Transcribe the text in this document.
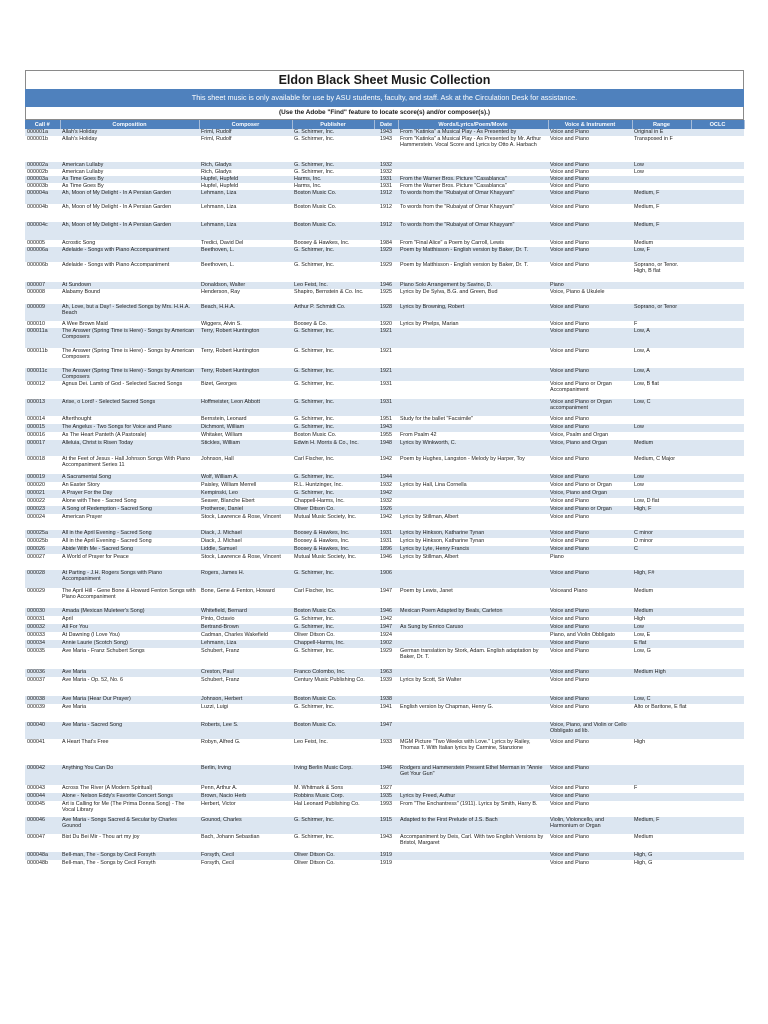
Eldon Black Sheet Music Collection
This sheet music is only available for use by ASU students, faculty, and staff. Ask at the Circulation Desk for assistance.
(Use the Adobe "Find" feature to locate score(s) and/or composer(s).)
Call #	Composition	Composer	Publisher	Date	Words/Lyrics/Poem/Movie	Voice & Instrument	Range	OCLC
000001a	Allah's Holiday	Friml, Rudolf	G. Schirmer, Inc.	1943	From "Katinka" a Musical Play - As Presented by	Voice and Piano	Original in E	
000001b	Allah's Holiday	Friml, Rudolf	G. Schirmer, Inc.	1943	From "Katinka" a Musical Play - As Presented by Mr. Arthur Hammerstein. Vocal Score and Lyrics by Otto A. Harbach	Voice and Piano	Transposed in F	
000002a	American Lullaby	Rich, Gladys	G. Schirmer, Inc.	1932		Voice and Piano	Low	
000002b	American Lullaby	Rich, Gladys	G. Schirmer, Inc.	1932		Voice and Piano	Low	
000003a	As Time Goes By	Hupfel, Hupfeld	Harms, Inc.	1931	From the Warner Bros. Picture "Casablanca"	Voice and Piano		
000003b	As Time Goes By	Hupfel, Hupfeld	Harms, Inc.	1931	From the Warner Bros. Picture "Casablanca"	Voice and Piano		
000004a	Ah, Moon of My Delight - In A Persian Garden	Lehmann, Liza	Boston Music Co.	1912	To words from the "Rubaiyat of Omar Khayyam"	Voice and Piano	Medium, F	
000004b	Ah, Moon of My Delight - In A Persian Garden	Lehmann, Liza	Boston Music Co.	1912	To words from the "Rubaiyat of Omar Khayyam"	Voice and Piano	Medium, F	
000004c	Ah, Moon of My Delight - In A Persian Garden	Lehmann, Liza	Boston Music Co.	1912	To words from the "Rubaiyat of Omar Khayyam"	Voice and Piano	Medium, F	
000005	Acrostic Song	Tredici, David Del	Boosey & Hawkes, Inc.	1984	From "Final Alice" a Poem by Carroll, Lewis	Voice and Piano	Medium	
000006a	Adelaide - Songs with Piano Accompaniment	Beethoven, L.	G. Schirmer, Inc.	1929	Poem by Matthisson - English version by Baker, Dr. T.	Voice and Piano	Low, F	
000006b	Adelaide - Songs with Piano Accompaniment	Beethoven, L.	G. Schirmer, Inc.	1929	Poem by Matthisson - English version by Baker, Dr. T.	Voice and Piano	Soprano, or Tenor. High, B flat	
000007	At Sundown	Donaldson, Walter	Leo Feist, Inc.	1946	Piano Solo Arrangement by Savino, D.	Piano		
000008	Alabamy Bound	Henderson, Ray	Shapiro, Bernstein & Co. Inc.	1925	Lyrics by De Sylva, B.G. and Green, Bud	Voice, Piano & Ukulele		
000009	Ah, Love, but a Day! - Selected Songs by Mrs. H.H.A. Beach	Beach, H.H.A.	Arthur P. Schmidt Co.	1928	Lyrics by Browning, Robert	Voice and Piano	Soprano, or Tenor	
000010	A Wee Brown Maid	Wiggers, Alvin S.	Boosey & Co.	1920	Lyrics by Phelps, Marian	Voice and Piano	F	
000011a	The Answer (Spring Time is Here) - Songs by American Composers	Terry, Robert Huntington	G. Schirmer, Inc.	1921		Voice and Piano	Low, A	
000011b	The Answer (Spring Time is Here) - Songs by American Composers	Terry, Robert Huntington	G. Schirmer, Inc.	1921		Voice and Piano	Low, A	
000011c	The Answer (Spring Time is Here) - Songs by American Composers	Terry, Robert Huntington	G. Schirmer, Inc.	1921		Voice and Piano	Low, A	
000012	Agnus Dei. Lamb of God - Selected Sacred Songs	Bizet, Georges	G. Schirmer, Inc.	1931		Voice and Piano or Organ Accompaniment	Low, B flat	
000013	Arise, o Lord! - Selected Sacred Songs	Hoffmeister, Leon Abbott	G. Schirmer, Inc.	1931		Voice and Piano or Organ accompaniment	Low, C	
000014	Afterthought	Bernstein, Leonard	G. Schirmer, Inc.	1951	Study for the ballet "Facsimile"	Voice and Piano		
000015	The Angelus - Two Songs for Voice and Piano	Dichmont, William	G. Schirmer, Inc.	1943		Voice and Piano	Low	
000016	As The Heart Panteth (A Pastorale)	Whitaker, William	Boston Music Co.	1955	From Psalm 42	Voice, Psalm and Organ		
000017	Alleluia, Christ is Risen Today	Stickles, William	Edwin H. Morris & Co., Inc.	1948	Lyrics by Winkworth, C.	Voice, Piano and Organ	Medium	
000018	At the Feet of Jesus - Hall Johnson Songs With Piano Accompaniment Series 11	Johnson, Hall	Carl Fischer, Inc.	1942	Poem by Hughes, Langston - Melody by Harper, Toy	Voice and Piano	Medium, C Major	
000019	A Sacramental Song	Wolf, William A.	G. Schirmer, Inc.	1944		Voice and Piano	Low	
000020	An Easter Story	Paisley, William Merrell	R.L. Huntzinger, Inc.	1932	Lyrics by Hall, Lina Cornella	Voice and Piano or Organ	Low	
000021	A Prayer For the Day	Kempinski, Leo	G. Schirmer, Inc.	1942		Voice, Piano and Organ		
000022	Alone with Thee - Sacred Song	Seaver, Blanche Ebert	Chappell-Harms, Inc.	1932		Voice and Piano	Low, D flat	
000023	A Song of Redemption - Sacred Song	Protheroe, Daniel	Oliver Ditson Co.	1926		Voice and Piano or Organ	High, F	
000024	American Prayer	Stock, Lawrence & Rose, Vincent	Mutual Music Society, Inc.	1942	Lyrics by Stillman, Albert	Voice and Piano		
000025a	All in the April Evening - Sacred Song	Diack, J. Michael	Boosey & Hawkes, Inc.	1931	Lyrics by Hinkson, Katharine Tynan	Voice and Piano	C minor	
000025b	All in the April Evening - Sacred Song	Diack, J. Michael	Boosey & Hawkes, Inc.	1931	Lyrics by Hinkson, Katharine Tynan	Voice and Piano	D minor	
000026	Abide With Me - Sacred Song	Liddle, Samuel	Boosey & Hawkes, Inc.	1896	Lyrics by Lyte, Henry Francis	Voice and Piano	C	
000027	A World of Prayer for Peace	Stock, Lawrence & Rose, Vincent	Mutual Music Society, Inc.	1946	Lyrics by Stillman, Albert	Piano		
000028	At Parting - J.H. Rogers Songs with Piano Accompaniment	Rogers, James H.	G. Schirmer, Inc.	1906		Voice and Piano	High, F#	
000029	The April Hill - Gene Bone & Howard Fenton Songs with Piano Accompaniment	Bone, Gene & Fenton, Howard	Carl Fischer, Inc.	1947	Poem by Lewis, Janet	Voiceand Piano	Medium	
000030	Amada (Mexican Muleteer's Song)	Whitefield, Bernard	Boston Music Co.	1946	Mexican Poem Adapted by Beals, Carleton	Voice and Piano	Medium	
000031	April	Pinto, Octavio	G. Schirmer, Inc.	1942		Voice and Piano	High	
000032	All For You	Bertrand-Brown	G. Schirmer, Inc.	1947	As Sung by Enrico Caruso	Voice and Piano	Low	
000033	At Dawning (I Love You)	Cadman, Charles Wakefield	Oliver Ditson Co.	1924		Piano, and Violin Obbligato	Low, E	
000034	Annie Laurie (Scotch Song)	Lehmann, Liza	Chappell-Harms, Inc.	1902		Voice and Piano	E flat	
000035	Ave Maria - Franz Schubert Songs	Schubert, Franz	G. Schirmer, Inc.	1929	German translation by Stork, Adam. English adaptation by Baker, Dr. T.	Voice and Piano	Low, G	
000036	Ave Maria	Creston, Paul	Franco Colombo, Inc.	1963		Voice and Piano	Medium High	
000037	Ave Maria - Op. 52, No. 6	Schubert, Franz	Century Music Publishing Co.	1939	Lyrics by Scott, Sir Walter	Voice and Piano		
000038	Ave Maria (Hear Our Prayer)	Johnson, Herbert	Boston Music Co.	1938		Voice and Piano	Low, C	
000039	Ave Maria	Luzzi, Luigi	G. Schirmer, Inc.	1941	English version by Chapman, Henry G.	Voice and Piano	Alto or Baritone, E flat	
000040	Ave Maria - Sacred Song	Roberts, Lee S.	Boston Music Co.	1947		Voice, Piano, and Violin or Cello Obbligato ad lib.		
000041	A Heart That's Free	Robyn, Alfred G.	Leo Feist, Inc.	1933	MGM Picture "Two Weeks with Love." Lyrics by Railey, Thomas T. With Italian lyrics by Carmine, Stanzione	Voice and Piano	High	
000042	Anything You Can Do	Berlin, Irving	Irving Berlin Music Corp.	1946	Rodgers and Hammerstein Present Ethel Merman in "Annie Get Your Gun"	Voice and Piano		
000043	Across The River (A Modern Spiritual)	Penn, Arthur A.	M. Whitmark & Sons	1927		Voice and Piano	F	
000044	Alone - Nelson Eddy's Favorite Concert Songs	Brown, Nacio Herb	Robbins Music Corp.	1935	Lyrics by Freed, Authur	Voice and Piano		
000045	Art is Calling for Me (The Prima Donna Song) - The Vocal Library	Herbert, Victor	Hal Leonard Publishing Co.	1993	From "The Enchantress" (1911). Lyrics by Smith, Harry B.	Voice and Piano		
000046	Ave Maria - Songs Sacred & Secular by Charles Gounod	Gounod, Charles	G. Schirmer, Inc.	1915	Adapted to the First Prelude of J.S. Bach	Violin, Violoncello, and Harmonium or Organ	Medium, F	
000047	Bist Du Bei Mir - Thou art my joy	Bach, Johann Sebastian	G. Schirmer, Inc.	1943	Accompaniment by Deis, Carl. With two English Versions by Bristol, Margaret	Voice and Piano	Medium	
000048a	Bell-man, The - Songs by Cecil Forsyth	Forsyth, Cecil	Oliver Ditson Co.	1919		Voice and Piano	High, G	
000048b	Bell-man, The - Songs by Cecil Forsyth	Forsyth, Cecil	Oliver Ditson Co.	1919		Voice and Piano	High, G	
